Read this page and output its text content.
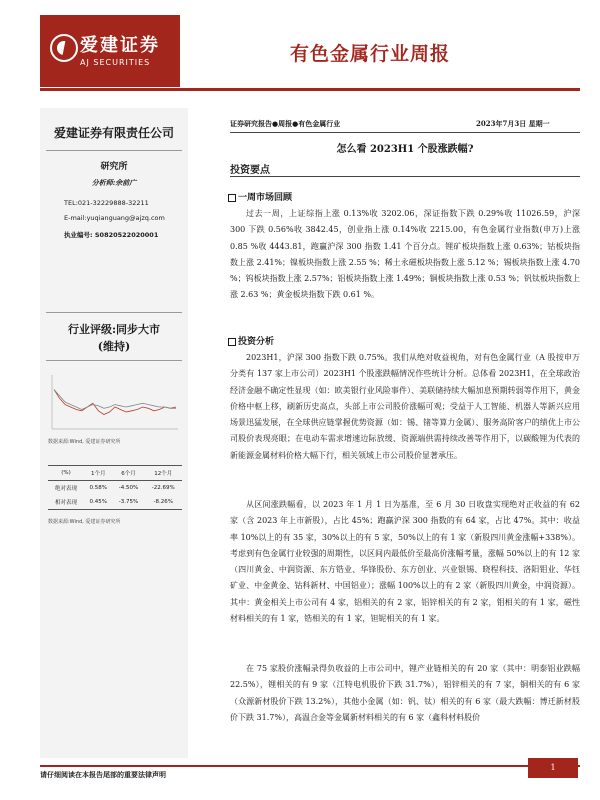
爱建证券
AJ SECURITIES	有色金属行业周报
爱建证券有限责任公司
研究所
分析师:余前广
TEL:021-32229888-32211
E-mail:yuqianguang@ajzq.com
执业编号: S0820522020001
行业评级:同步大市
(维持)
数据来源:Wind, 爱建证券研究所
(%)	1个月	6个月	12个月
绝对表现	0.58%	-4.50%	-22.69%
相对表现	0.45%	-3.75%	-8.26%
数据来源:Wind, 爱建证券研究所
证券研究报告●周报●有色金属行业	2023年7月3日 星期一
怎么看 2023H1 个股涨跌幅?
投资要点
一周市场回顾

过去一周，上证综指上涨 0.13%收 3202.06，深证指数下跌 0.29%收 11026.59，沪深 300 下跌 0.56%收 3842.45，创业指上涨 0.14%收 2215.00，有色金属行业指数(申万)上涨 0.85 %收 4443.81，跑赢沪深 300 指数 1.41 个百分点。锂矿板块指数上涨 0.63%；钴板块指数上涨 2.41%；镍板块指数上涨 2.55 %；稀土永磁板块指数上涨 5.12 %；锡板块指数上涨 4.70 %；钨板块指数上涨 2.57%；铝板块指数上涨 1.49%；铜板块指数上涨 0.53 %；钒钛板块指数上涨 2.63 %；黄金板块指数下跌 0.61 %。

投资分析

2023H1，沪深 300 指数下跌 0.75%。我们从绝对收益视角，对有色金属行业（A 股按申万分类有 137 家上市公司）2023H1 个股涨跌幅情况作些统计分析。总体看 2023H1，在全球政治经济金融不确定性显现（如：欧美银行业风险事件）、美联储持续大幅加息预期转弱等作用下，黄金价格中枢上移，刷新历史高点，头部上市公司股价涨幅可观；受益于人工智能、机器人等新兴应用场景迅猛发展，在全球供应链掌握优势资源（如：锡、锗等算力金属）、服务高阶客户的绩优上市公司股价表现亮眼；在电动车需求增速边际放缓、资源端供需持续改善等作用下，以碳酸锂为代表的新能源金属材料价格大幅下行，相关领域上市公司股价显著承压。

从区间涨跌幅看，以 2023 年 1 月 1 日为基准，至 6 月 30 日收盘实现绝对正收益的有 62 家（含 2023 年上市新股），占比 45%；跑赢沪深 300 指数的有 64 家，占比 47%。其中：收益率 10%以上的有 35 家，30%以上的有 5 家，50%以上的有 1 家（新股四川黄金涨幅+338%）。考虑到有色金属行业较强的周期性，以区间内最低价至最高价涨幅考量，涨幅 50%以上的有 12 家（四川黄金、中润资源、东方锆业、华锋股份、东方创业、兴业银锡、晓程科技、洛阳钼业、华钰矿业、中金黄金、钴科新材、中国铝业）；涨幅 100%以上的有 2 家（新股四川黄金，中润资源）。其中：黄金相关上市公司有 4 家，铝相关的有 2 家，铝锌相关的有 2 家，钼相关的有 1 家，磁性材料相关的有 1 家，锆相关的有 1 家，钽铌相关的有 1 家。

在 75 家股价涨幅录得负收益的上市公司中，锂产业链相关的有 20 家（其中：明泰铝业跌幅 22.5%），锂相关的有 9 家（江特电机股价下跌 31.7%），铝锌相关的有 7 家，铜相关的有 6 家（众源新材股价下跌 13.2%），其他小金属（如：钒、钛）相关的有 6 家（最大跌幅：博迁新材股价下跌 31.7%），高温合金等金属新材料相关的有 6 家（鑫科材料股价

请仔细阅读在本报告尾部的重要法律声明
1
